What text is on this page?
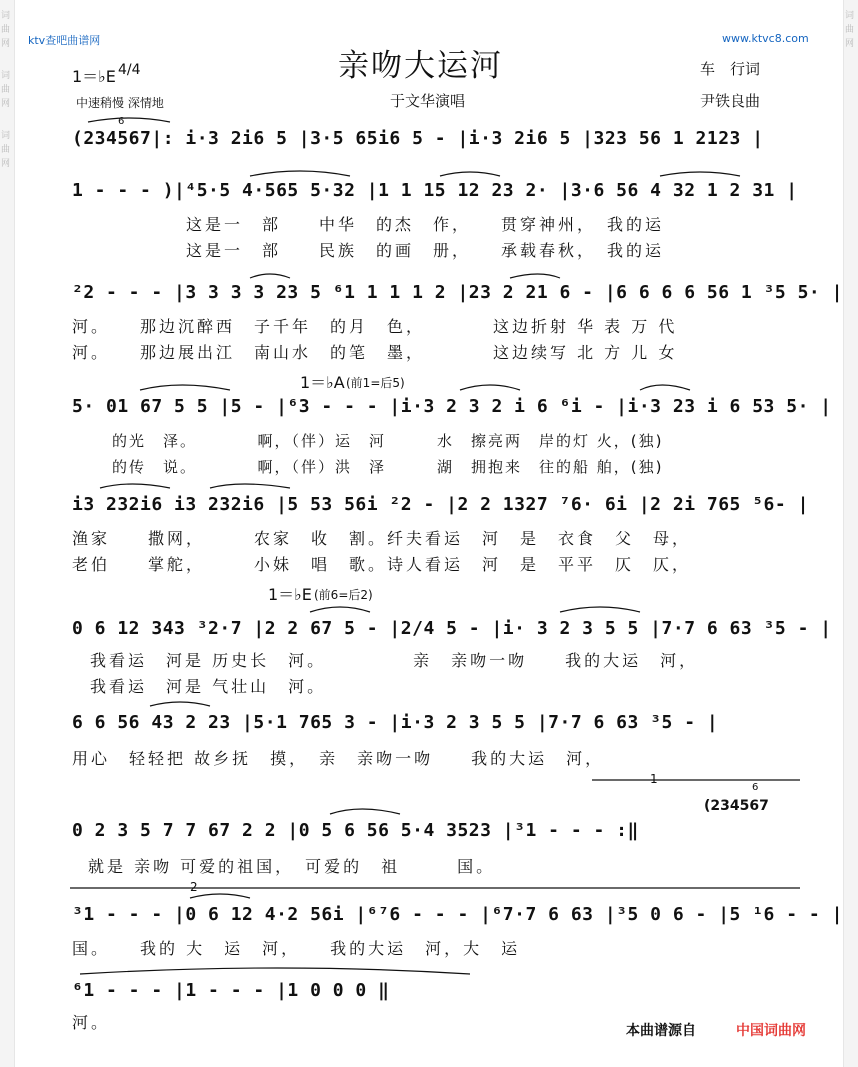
词
曲
网
词
曲
网
词
曲
网
词
曲
网
ktv查吧曲谱网	www.ktvc8.com
亲吻大运河	车　行词
尹铁良曲
于文华演唱
1＝♭E 4/4
中速稍慢 深情地
1＝♭A (前1=后5)
1＝♭E (前6=后2)
(234567|: i·3 2i6 5 |3·5 65i6 5 - |i·3 2i6 5 |323 56 1 2123 |
1 - - - )|⁴5·5 4·565 5·32 |1 1 15 12 23 2· |3·6 56 4 32 1 2 31 |
这是一　部　　中华　的杰　作，　　贯穿神州，　我的运
这是一　部　　民族　的画　册，　　承载春秋，　我的运
²2 - - - |3 3 3 3 23 5 ⁶1 1 1 1 2 |23 2 21 6 - |6 6 6 6 56 1 ³5 5· |
河。　　那边沉醉西　子千年　的月　色，　　　　这边折射 华 表 万 代
河。　　那边展出江　南山水　的笔　墨，　　　　这边续写 北 方 儿 女
5· 01 67 5 5 |5 - |⁶3 - - - |i·3 2 3 2 i 6 ⁶i - |i·3 23 i 6 53 5· |
的光　泽。　　　　啊，（伴）运　河　　　水　擦亮两　岸的灯 火，(独)
的传　说。　　　　啊，（伴）洪　泽　　　湖　拥抱来　往的船 舶，(独)
i3 232i6 i3 232i6 |5 53 56i ²2 - |2 2 1327 ⁷6· 6i |2 2i 765 ⁵6- |
渔家　　撒网，　　　农家　收　割。纤夫看运　河　是　衣食　父　母，
老伯　　掌舵，　　　小妹　唱　歌。诗人看运　河　是　平平　仄　仄，
0 6 12 343 ³2·7 |2 2 67 5 - |2/4 5 - |i· 3 2 3 5 5 |7·7 6 63 ³5 - |
我看运　河是 历史长　河。　　　　　亲　亲吻一吻　　我的大运　河，
我看运　河是 气壮山　河。
6 6 56 43 2 23 |5·1 765 3 - |i·3 2 3 5 5 |7·7 6 63 ³5 - |
用心　轻轻把 故乡抚　摸，　亲　亲吻一吻　　我的大运　河，
(234567
0 2 3 5 7 7 67 2 2 |0 5 6 56 5·4 3523 |³1 - - - :‖
就是 亲吻 可爱的祖国，　可爱的　祖　　　国。
³1 - - - |0 6 12 4·2 56i |⁶⁷6 - - - |⁶7·7 6 63 |³5 0 6 - |5 ¹6 - - |
国。　　我的 大　运　河，　　我的大运　河，大　运
⁶1 - - - |1 - - - |1 0 0 0 ‖
河。
1
2
6
6
本曲谱源自	中国词曲网
